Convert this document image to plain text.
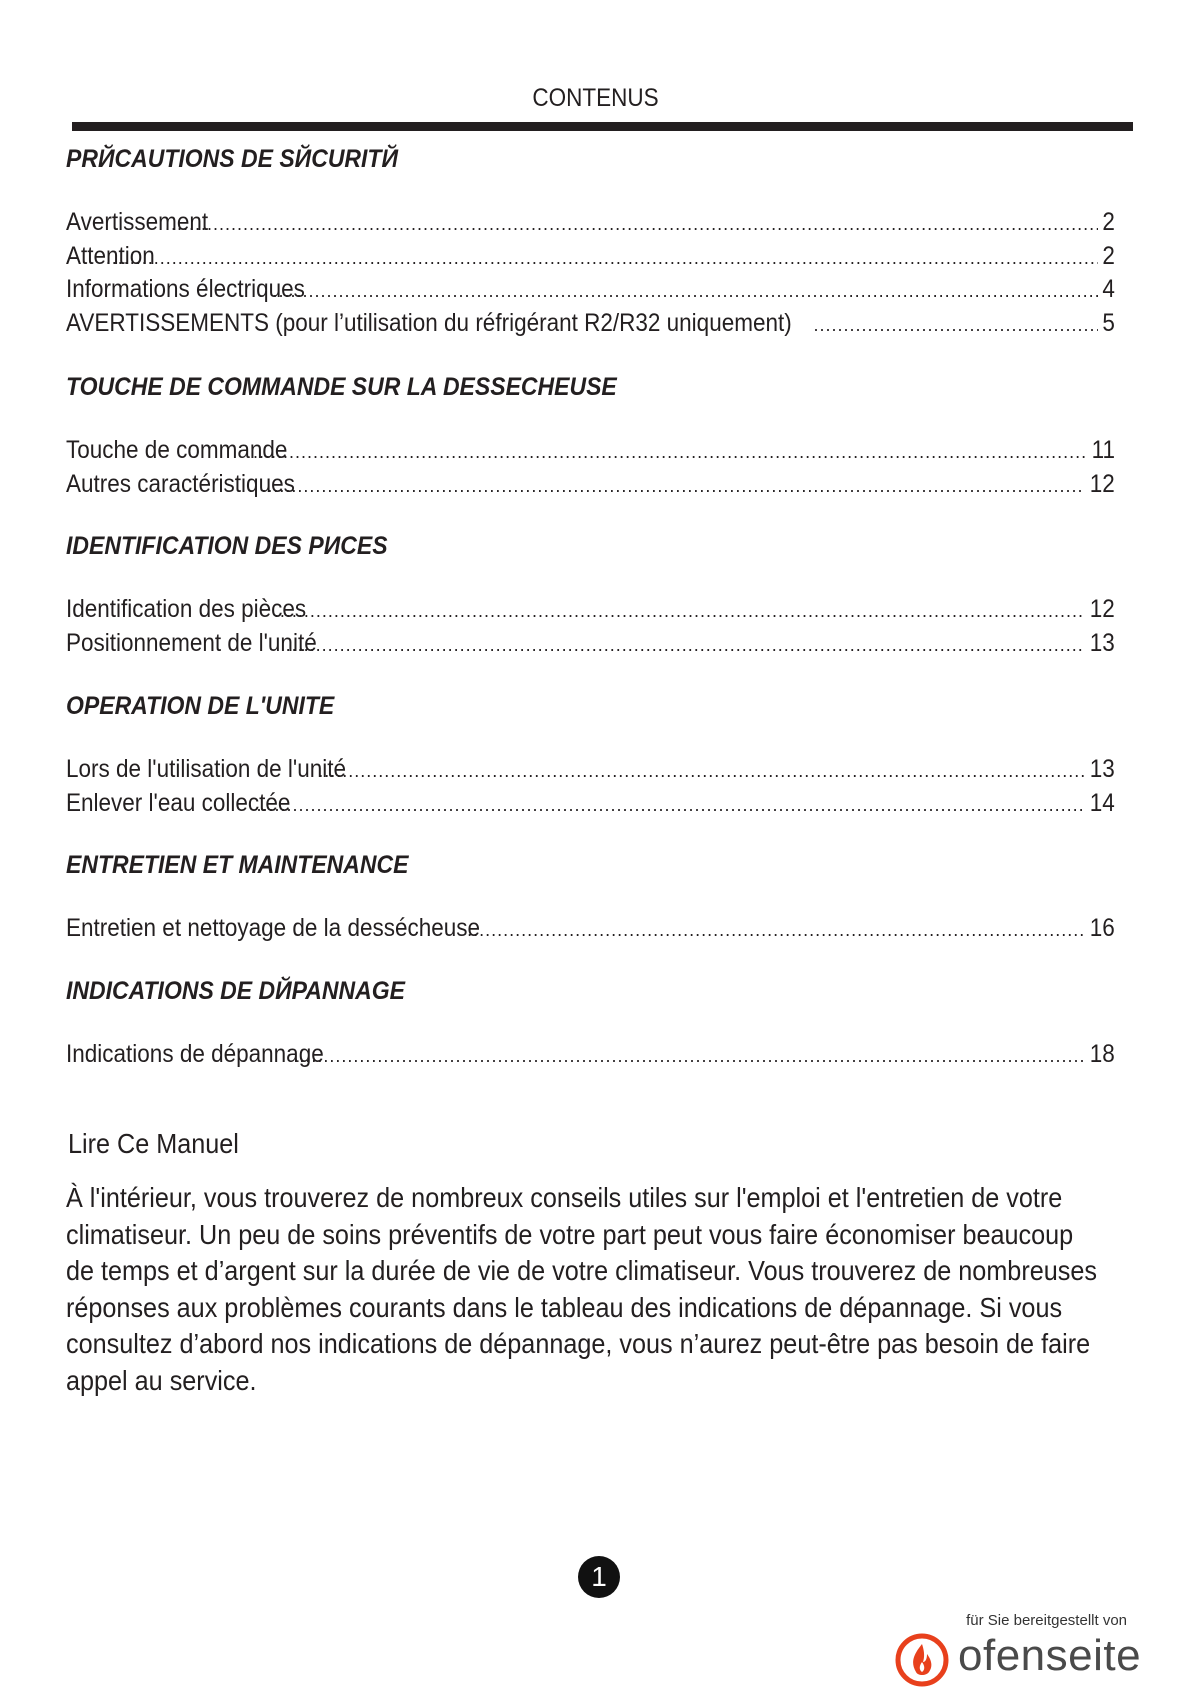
CONTENUS
PRЙCAUTIONS DE SЙCURITЙ
Avertissement .....	2
Attention .....	2
Informations électriques .....	4
AVERTISSEMENTS (pour l’utilisation du réfrigérant R2/R32 uniquement) .....	5
TOUCHE DE COMMANDE SUR LA DESSECHEUSE
Touche de commande .....	11
Autres caractéristiques .....	12
IDENTIFICATION DES PИCES
Identification des pièces .....	12
Positionnement de l'unité .....	13
OPERATION DE L'UNITE
Lors de l'utilisation de l'unité .....	13
Enlever l'eau collectée .....	14
ENTRETIEN ET MAINTENANCE
Entretien et nettoyage de la desséchеuse .....	16
INDICATIONS DE DЙPANNAGE
Indications de dépannage .....	18
Lire Ce Manuel
À l'intérieur, vous trouverez de nombreux conseils utiles sur l'emploi et l'entretien de votre climatiseur. Un peu de soins préventifs de votre part peut vous faire économiser beaucoup de temps et d’argent sur la durée de vie de votre climatiseur. Vous trouverez de nombreuses réponses aux problèmes courants dans le tableau des indications de dépannage. Si vous consultez d’abord nos indications de dépannage, vous n’aurez peut-être pas besoin de faire appel au service.
1
für Sie bereitgestellt von
ofenseite
